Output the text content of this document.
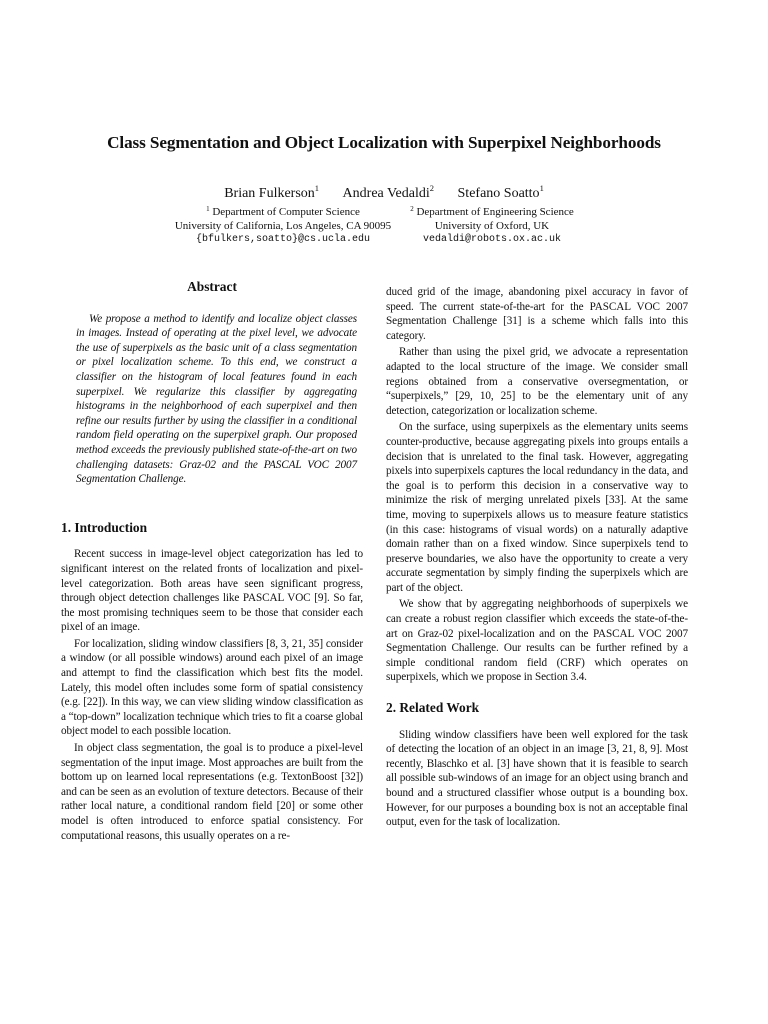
Class Segmentation and Object Localization with Superpixel Neighborhoods
Brian Fulkerson$^1$ Andrea Vedaldi$^2$ Stefano Soatto$^1$
$^1$ Department of Computer Science
University of California, Los Angeles, CA 90095
{bfulkers,soatto}@cs.ucla.edu
$^2$ Department of Engineering Science
University of Oxford, UK
vedaldi@robots.ox.ac.uk
Abstract

We propose a method to identify and localize object classes in images. Instead of operating at the pixel level, we advocate the use of superpixels as the basic unit of a class segmentation or pixel localization scheme. To this end, we construct a classifier on the histogram of local features found in each superpixel. We regularize this classifier by aggregating histograms in the neighborhood of each superpixel and then refine our results further by using the classifier in a conditional random field operating on the superpixel graph. Our proposed method exceeds the previously published state-of-the-art on two challenging datasets: Graz-02 and the PASCAL VOC 2007 Segmentation Challenge.

1. Introduction

Recent success in image-level object categorization has led to significant interest on the related fronts of localization and pixel-level categorization. Both areas have seen significant progress, through object detection challenges like PASCAL VOC [9]. So far, the most promising techniques seem to be those that consider each pixel of an image.

For localization, sliding window classifiers [8, 3, 21, 35] consider a window (or all possible windows) around each pixel of an image and attempt to find the classification which best fits the model. Lately, this model often includes some form of spatial consistency (e.g. [22]). In this way, we can view sliding window classification as a “top-down” localization technique which tries to fit a coarse global object model to each possible location.

In object class segmentation, the goal is to produce a pixel-level segmentation of the input image. Most approaches are built from the bottom up on learned local representations (e.g. TextonBoost [32]) and can be seen as an evolution of texture detectors. Because of their rather local nature, a conditional random field [20] or some other model is often introduced to enforce spatial consistency. For computational reasons, this usually operates on a re-

duced grid of the image, abandoning pixel accuracy in favor of speed. The current state-of-the-art for the PASCAL VOC 2007 Segmentation Challenge [31] is a scheme which falls into this category.

Rather than using the pixel grid, we advocate a representation adapted to the local structure of the image. We consider small regions obtained from a conservative oversegmentation, or “superpixels,” [29, 10, 25] to be the elementary unit of any detection, categorization or localization scheme.

On the surface, using superpixels as the elementary units seems counter-productive, because aggregating pixels into groups entails a decision that is unrelated to the final task. However, aggregating pixels into superpixels captures the local redundancy in the data, and the goal is to perform this decision in a conservative way to minimize the risk of merging unrelated pixels [33]. At the same time, moving to superpixels allows us to measure feature statistics (in this case: histograms of visual words) on a naturally adaptive domain rather than on a fixed window. Since superpixels tend to preserve boundaries, we also have the opportunity to create a very accurate segmentation by simply finding the superpixels which are part of the object.

We show that by aggregating neighborhoods of superpixels we can create a robust region classifier which exceeds the state-of-the-art on Graz-02 pixel-localization and on the PASCAL VOC 2007 Segmentation Challenge. Our results can be further refined by a simple conditional random field (CRF) which operates on superpixels, which we propose in Section 3.4.

2. Related Work

Sliding window classifiers have been well explored for the task of detecting the location of an object in an image [3, 21, 8, 9]. Most recently, Blaschko et al. [3] have shown that it is feasible to search all possible sub-windows of an image for an object using branch and bound and a structured classifier whose output is a bounding box. However, for our purposes a bounding box is not an acceptable final output, even for the task of localization.
